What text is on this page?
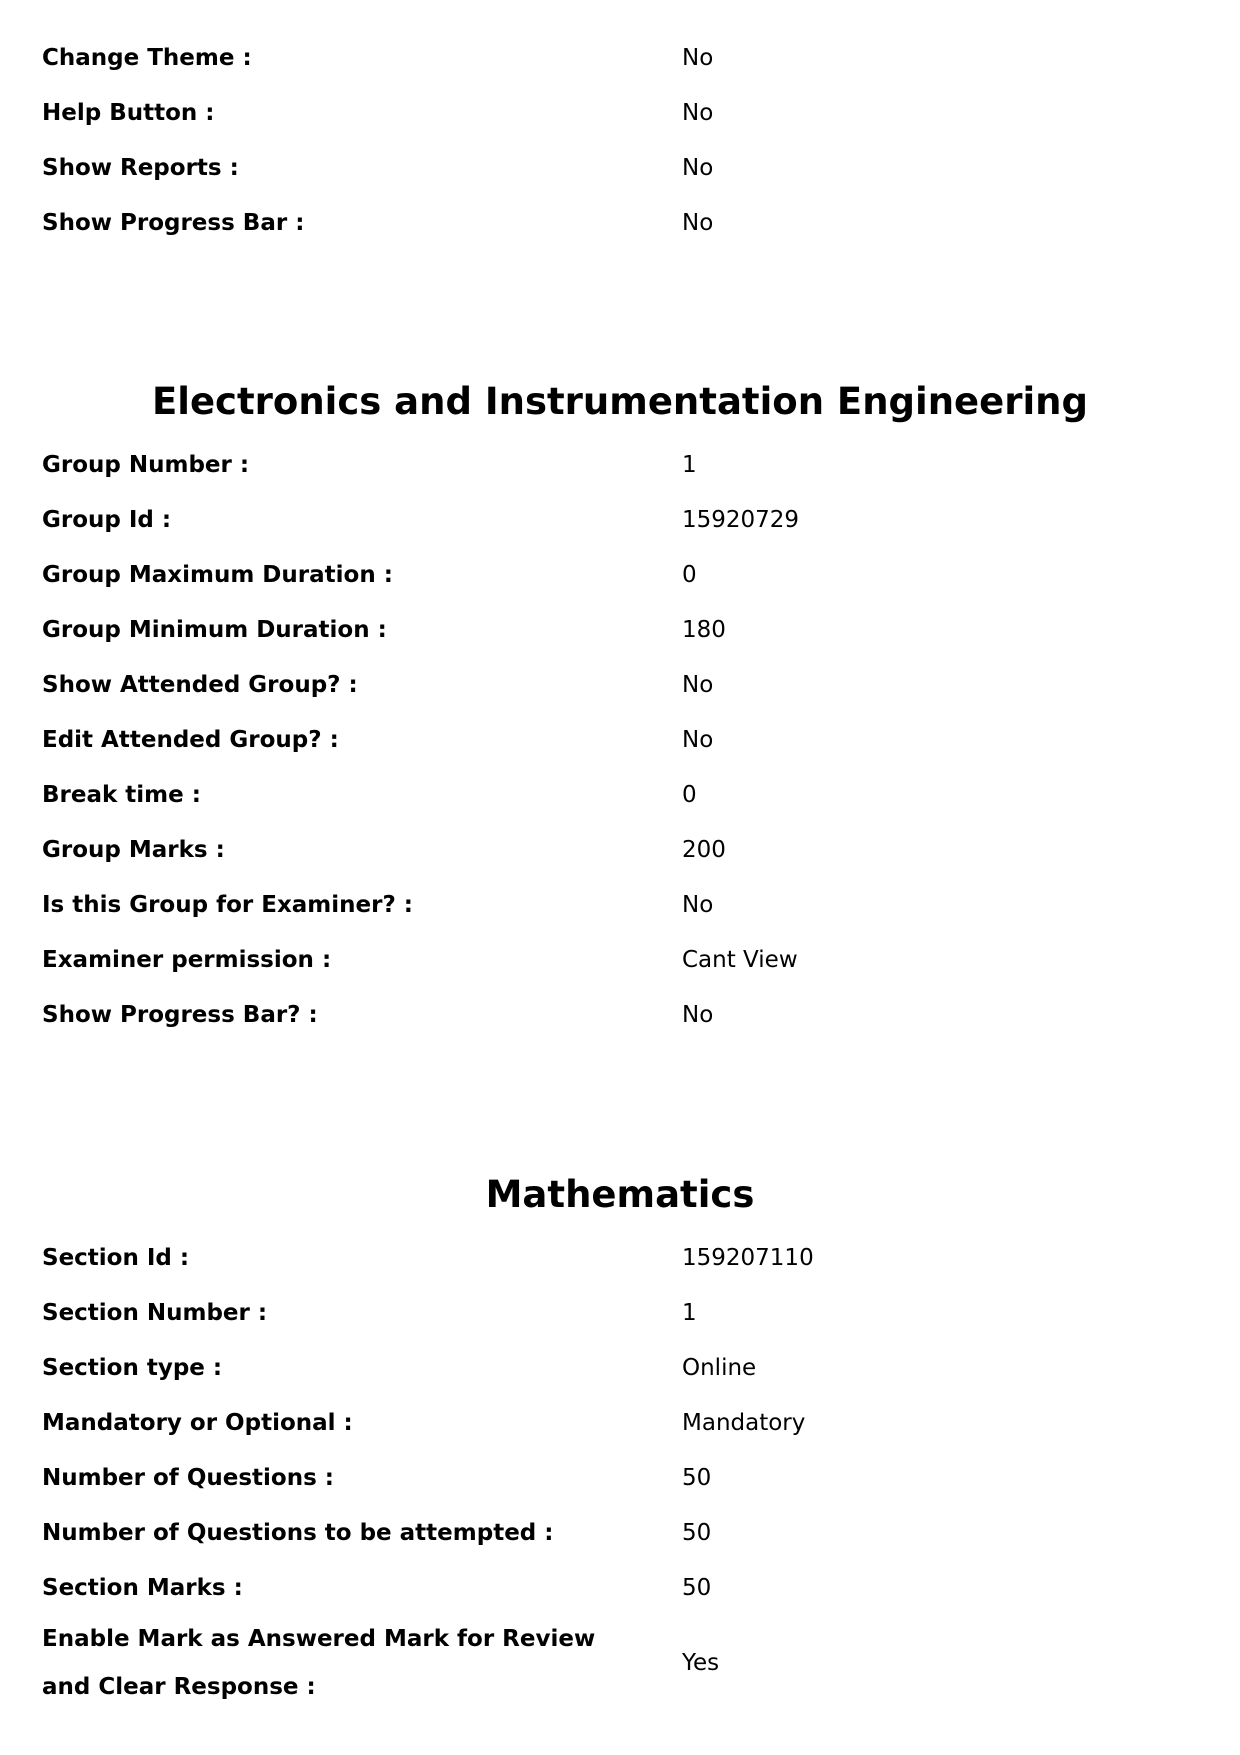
Change Theme :	No
Help Button :	No
Show Reports :	No
Show Progress Bar :	No
Electronics and Instrumentation Engineering
Group Number :	1
Group Id :	15920729
Group Maximum Duration :	0
Group Minimum Duration :	180
Show Attended Group? :	No
Edit Attended Group? :	No
Break time :	0
Group Marks :	200
Is this Group for Examiner? :	No
Examiner permission :	Cant View
Show Progress Bar? :	No
Mathematics
Section Id :	159207110
Section Number :	1
Section type :	Online
Mandatory or Optional :	Mandatory
Number of Questions :	50
Number of Questions to be attempted :	50
Section Marks :	50
Enable Mark as Answered Mark for Review and Clear Response :
Yes
